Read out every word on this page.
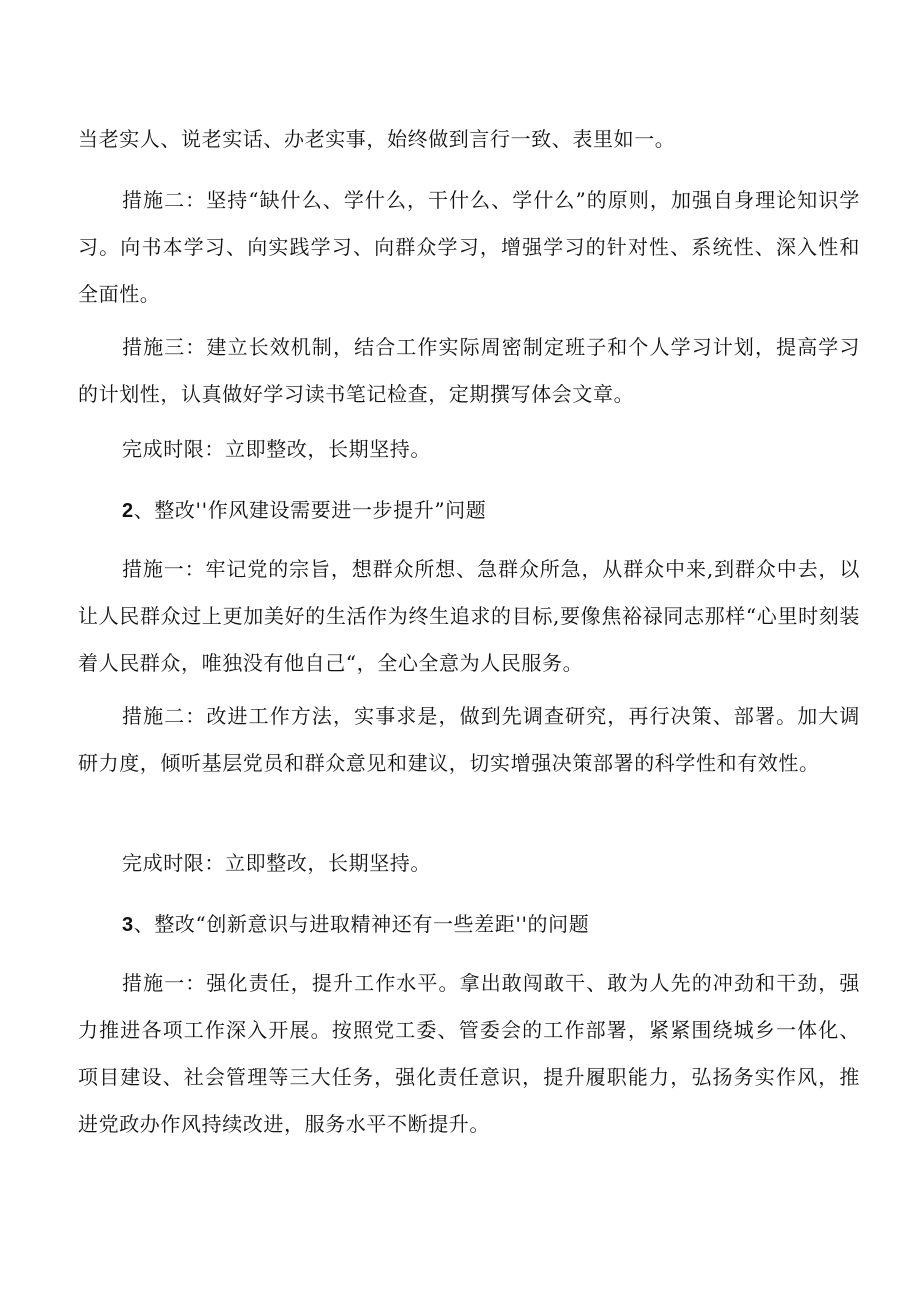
当老实人、说老实话、办老实事，始终做到言行一致、表里如一。

措施二：坚持“缺什么、学什么，干什么、学什么”的原则，加强自身理论知识学习。向书本学习、向实践学习、向群众学习，增强学习的针对性、系统性、深入性和全面性。

措施三：建立长效机制，结合工作实际周密制定班子和个人学习计划，提高学习的计划性，认真做好学习读书笔记检查，定期撰写体会文章。

完成时限：立即整改，长期坚持。

2、整改''作风建设需要进一步提升”问题

措施一：牢记党的宗旨，想群众所想、急群众所急，从群众中来,到群众中去，以让人民群众过上更加美好的生活作为终生追求的目标,要像焦裕禄同志那样“心里时刻装着人民群众，唯独没有他自己“，全心全意为人民服务。

措施二：改进工作方法，实事求是，做到先调查研究，再行决策、部署。加大调研力度，倾听基层党员和群众意见和建议，切实增强决策部署的科学性和有效性。

完成时限：立即整改，长期坚持。

3、整改“创新意识与进取精神还有一些差距''的问题

措施一：强化责任，提升工作水平。拿出敢闯敢干、敢为人先的冲劲和干劲，强力推进各项工作深入开展。按照党工委、管委会的工作部署，紧紧围绕城乡一体化、项目建设、社会管理等三大任务，强化责任意识，提升履职能力，弘扬务实作风，推进党政办作风持续改进，服务水平不断提升。
